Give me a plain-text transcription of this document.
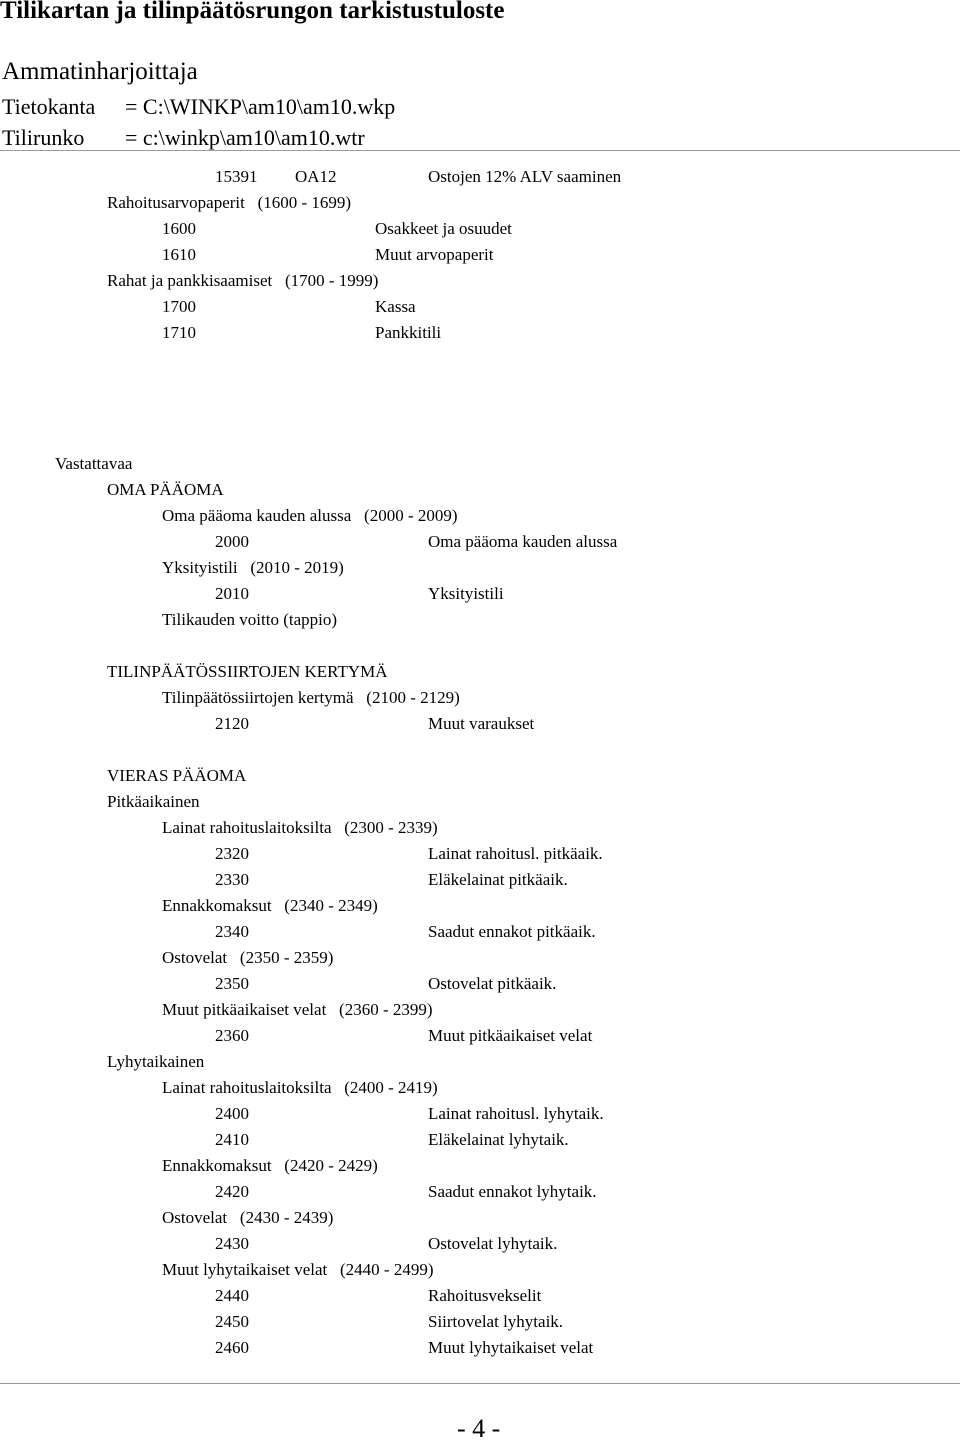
Tilikartan ja tilinpäätösrungon tarkistustuloste
Ammatinharjoittaja
Tietokanta = C:\WINKP\am10\am10.wkp
Tilirunko = c:\winkp\am10\am10.wtr
15391 OA12	Ostojen 12% ALV saaminen
Rahoitusarvopaperit   (1600 - 1699)
1600	Osakkeet ja osuudet
1610	Muut arvopaperit
Rahat ja pankkisaamiset   (1700 - 1999)
1700	Kassa
1710	Pankkitili
Vastattavaa
OMA PÄÄOMA
Oma pääoma kauden alussa   (2000 - 2009)
2000	Oma pääoma kauden alussa
Yksityistili   (2010 - 2019)
2010	Yksityistili
Tilikauden voitto (tappio)
TILINPÄÄTÖSSIIRTOJEN KERTYMÄ
Tilinpäätössiirtojen kertymä   (2100 - 2129)
2120	Muut varaukset
VIERAS PÄÄOMA
Pitkäaikainen
Lainat rahoituslaitoksilta   (2300 - 2339)
2320	Lainat rahoitusl. pitkäaik.
2330	Eläkelainat pitkäaik.
Ennakkomaksut   (2340 - 2349)
2340	Saadut ennakot pitkäaik.
Ostovelat   (2350 - 2359)
2350	Ostovelat pitkäaik.
Muut pitkäaikaiset velat   (2360 - 2399)
2360	Muut pitkäaikaiset velat
Lyhytaikainen
Lainat rahoituslaitoksilta   (2400 - 2419)
2400	Lainat rahoitusl. lyhytaik.
2410	Eläkelainat lyhytaik.
Ennakkomaksut   (2420 - 2429)
2420	Saadut ennakot lyhytaik.
Ostovelat   (2430 - 2439)
2430	Ostovelat lyhytaik.
Muut lyhytaikaiset velat   (2440 - 2499)
2440	Rahoitusvekselit
2450	Siirtovelat lyhytaik.
2460	Muut lyhytaikaiset velat
- 4 -
